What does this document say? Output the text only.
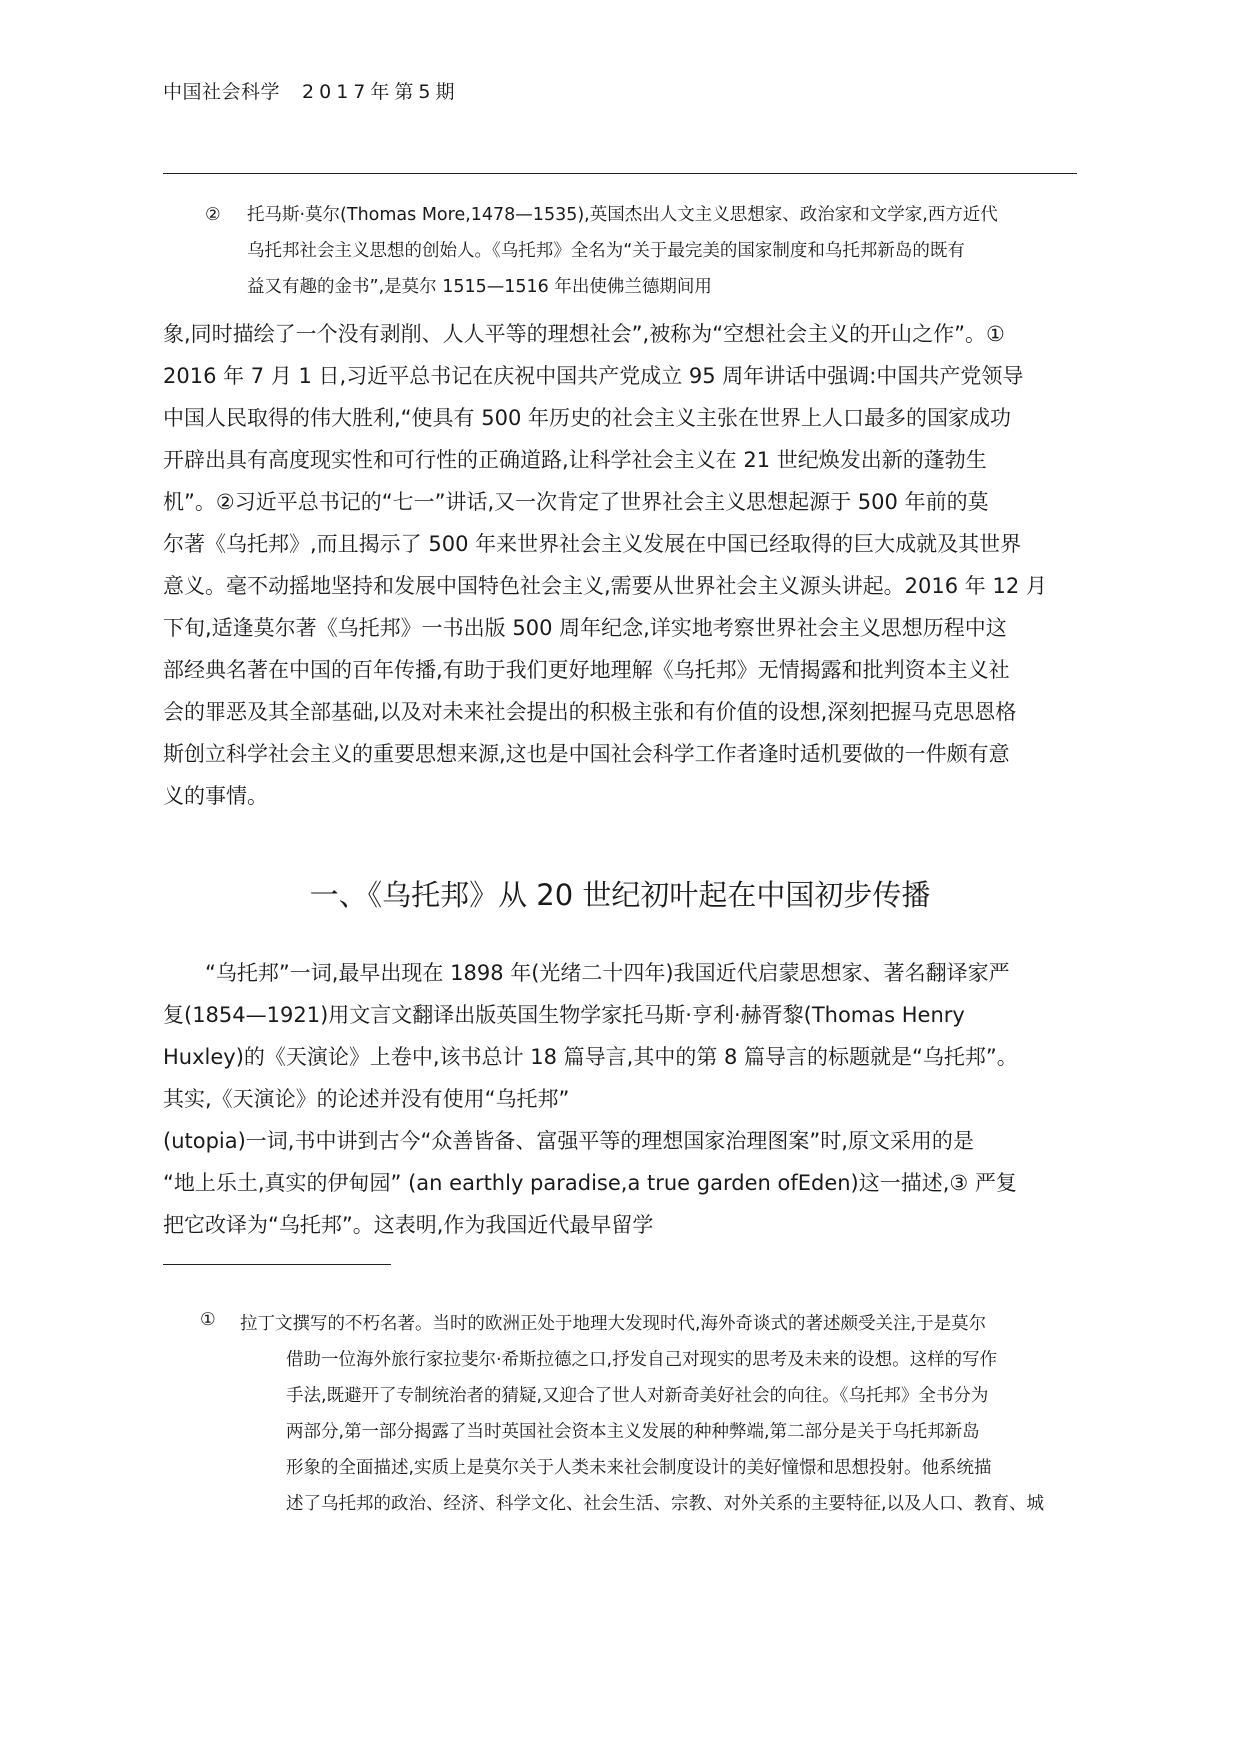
中国社会科学 2017年第5期
② 托马斯·莫尔(Thomas More,1478—1535),英国杰出人文主义思想家、政治家和文学家,西方近代
乌托邦社会主义思想的创始人。《乌托邦》全名为“关于最完美的国家制度和乌托邦新岛的既有
益又有趣的金书”,是莫尔 1515—1516 年出使佛兰德期间用
象,同时描绘了一个没有剥削、人人平等的理想社会”,被称为“空想社会主义的开山之作”。①
2016 年 7 月 1 日,习近平总书记在庆祝中国共产党成立 95 周年讲话中强调:中国共产党领导
中国人民取得的伟大胜利,“使具有 500 年历史的社会主义主张在世界上人口最多的国家成功
开辟出具有高度现实性和可行性的正确道路,让科学社会主义在 21 世纪焕发出新的蓬勃生
机”。②习近平总书记的“七一”讲话,又一次肯定了世界社会主义思想起源于 500 年前的莫
尔著《乌托邦》,而且揭示了 500 年来世界社会主义发展在中国已经取得的巨大成就及其世界
意义。毫不动摇地坚持和发展中国特色社会主义,需要从世界社会主义源头讲起。2016 年 12 月
下旬,适逢莫尔著《乌托邦》一书出版 500 周年纪念,详实地考察世界社会主义思想历程中这
部经典名著在中国的百年传播,有助于我们更好地理解《乌托邦》无情揭露和批判资本主义社
会的罪恶及其全部基础,以及对未来社会提出的积极主张和有价值的设想,深刻把握马克思恩格
斯创立科学社会主义的重要思想来源,这也是中国社会科学工作者逢时适机要做的一件颇有意
义的事情。
一、《乌托邦》从 20 世纪初叶起在中国初步传播
“乌托邦”一词,最早出现在 1898 年(光绪二十四年)我国近代启蒙思想家、著名翻译家严
复(1854—1921)用文言文翻译出版英国生物学家托马斯·亨利·赫胥黎(Thomas Henry
Huxley)的《天演论》上卷中,该书总计 18 篇导言,其中的第 8 篇导言的标题就是“乌托邦”。
其实,《天演论》的论述并没有使用“乌托邦”
(utopia)一词,书中讲到古今“众善皆备、富强平等的理想国家治理图案”时,原文采用的是
“地上乐土,真实的伊甸园” (an earthly paradise,a true garden ofEden)这一描述,③ 严复
把它改译为“乌托邦”。这表明,作为我国近代最早留学
① 拉丁文撰写的不朽名著。当时的欧洲正处于地理大发现时代,海外奇谈式的著述颇受关注,于是莫尔
借助一位海外旅行家拉斐尔·希斯拉德之口,抒发自己对现实的思考及未来的设想。这样的写作
手法,既避开了专制统治者的猜疑,又迎合了世人对新奇美好社会的向往。《乌托邦》全书分为
两部分,第一部分揭露了当时英国社会资本主义发展的种种弊端,第二部分是关于乌托邦新岛
形象的全面描述,实质上是莫尔关于人类未来社会制度设计的美好憧憬和思想投射。他系统描
述了乌托邦的政治、经济、科学文化、社会生活、宗教、对外关系的主要特征,以及人口、教育、城
